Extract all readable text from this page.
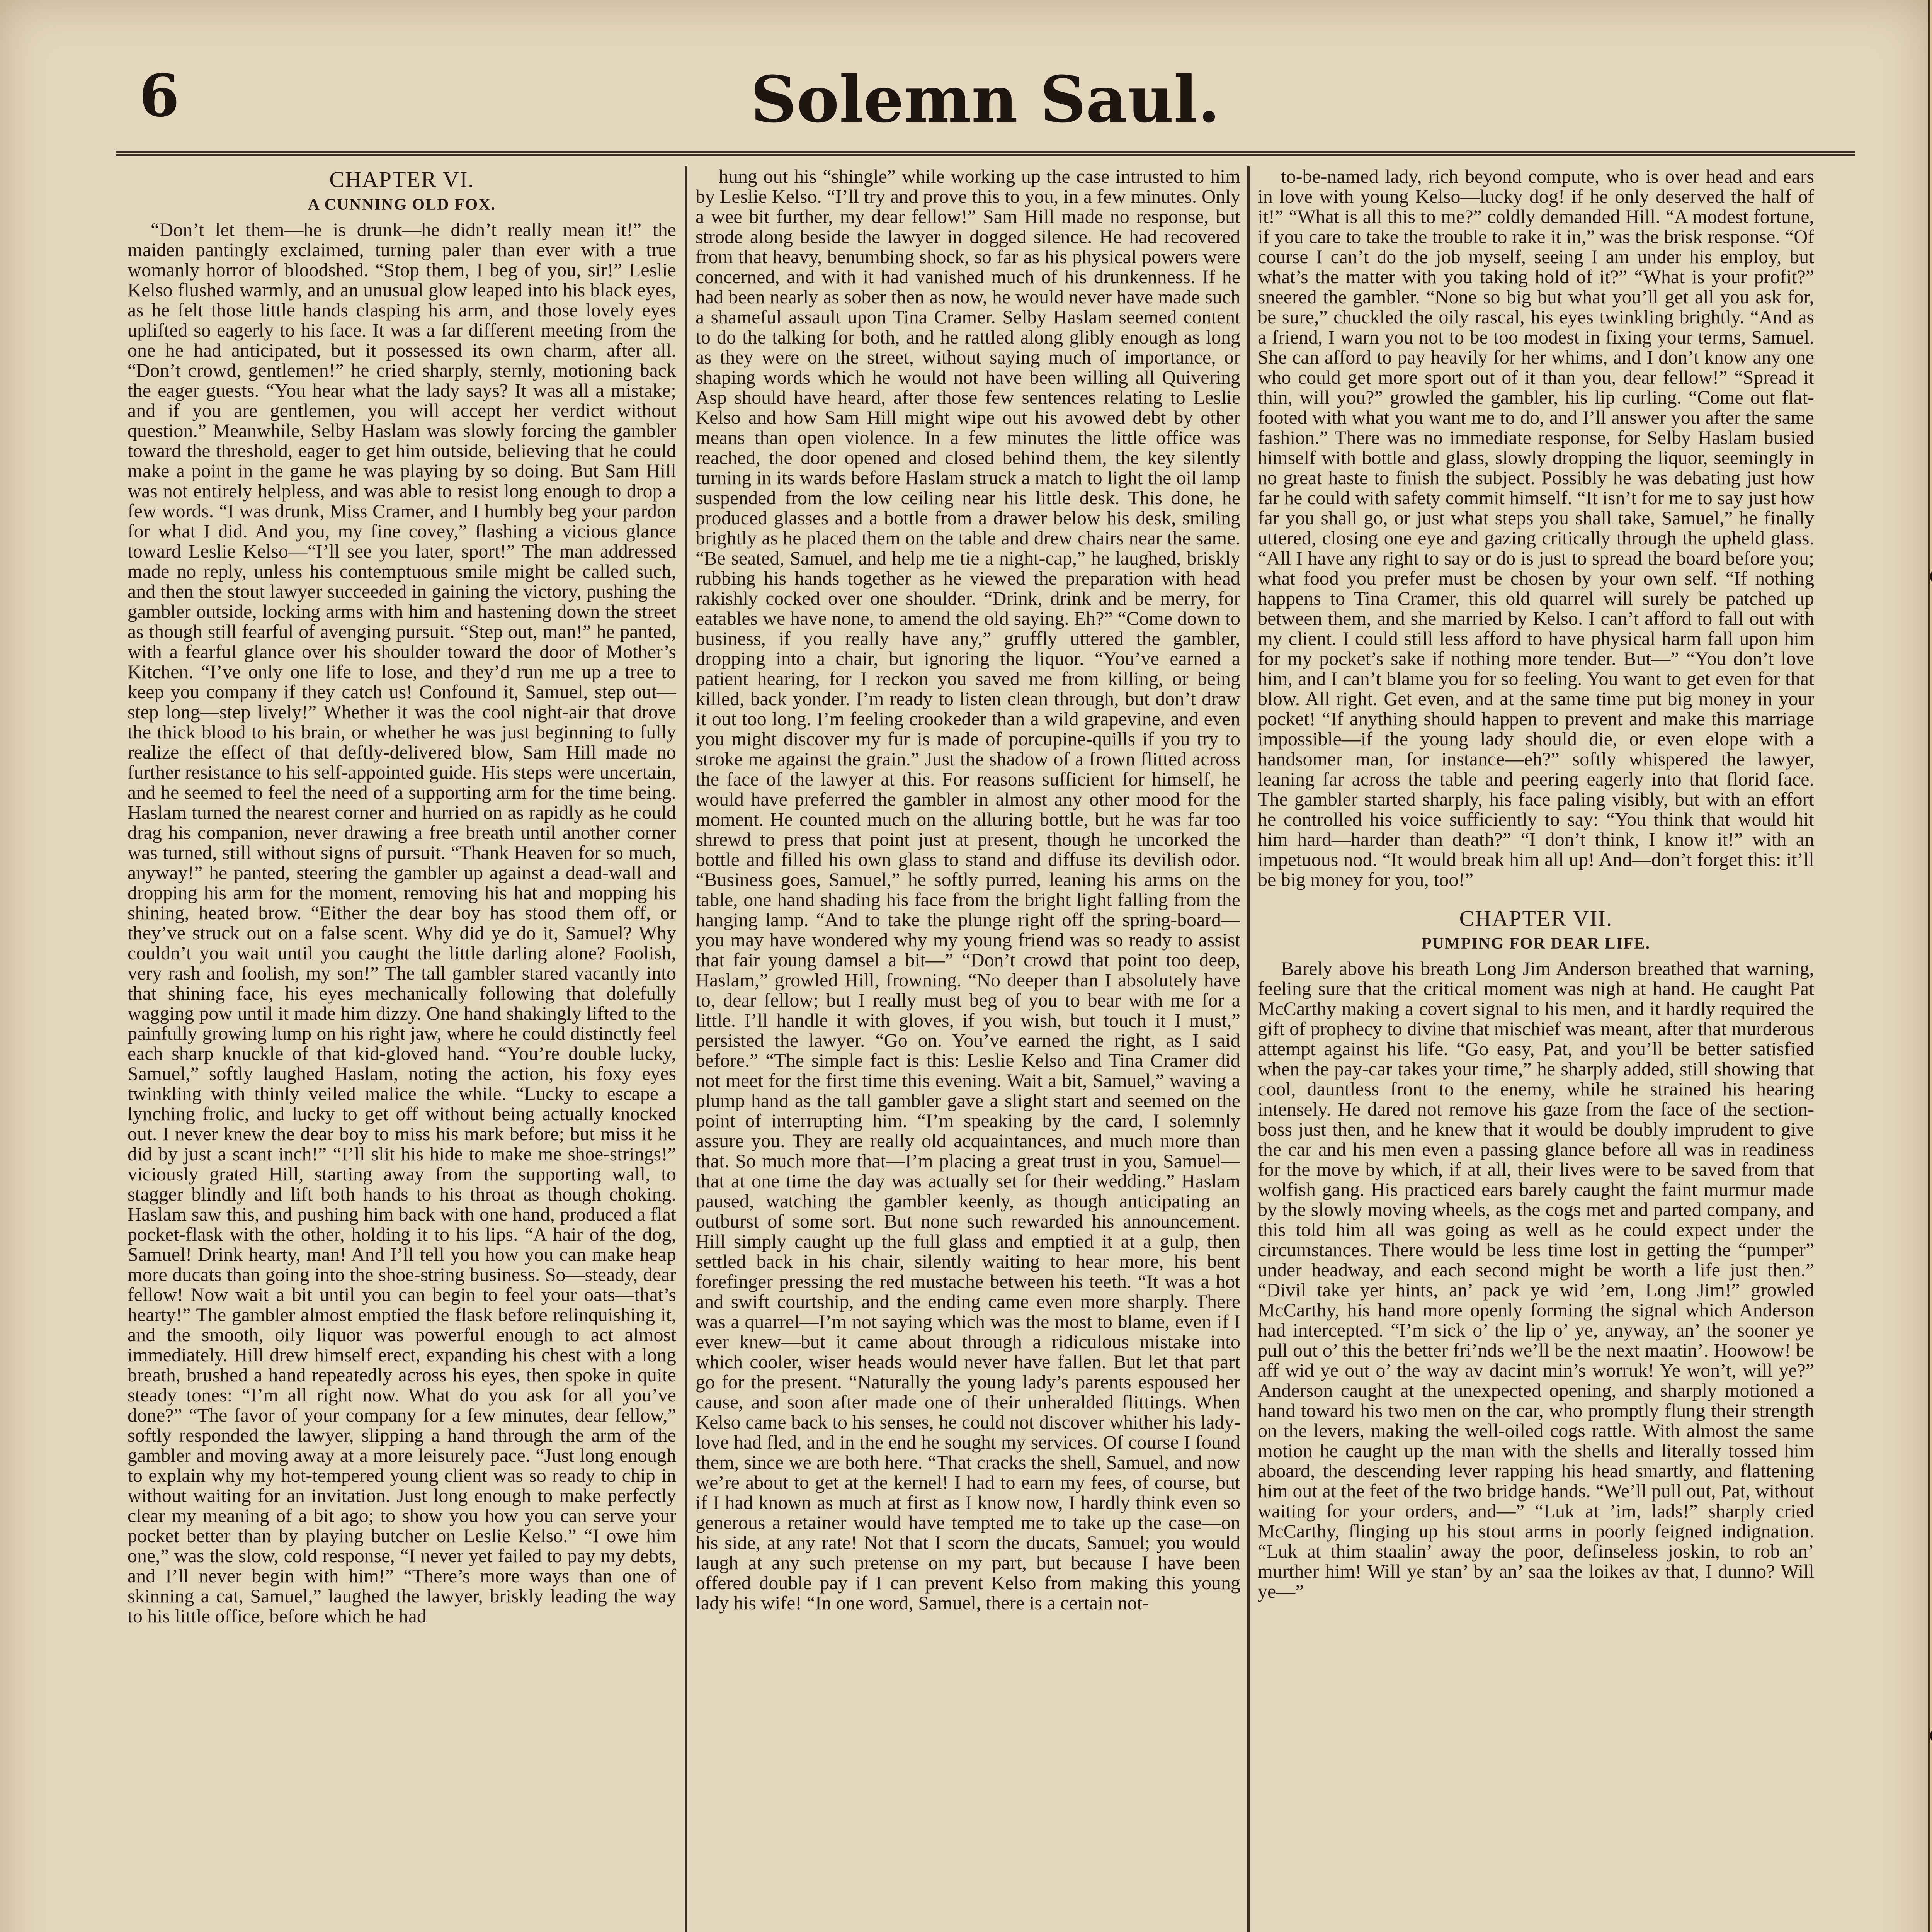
6	Solemn Saul.
CHAPTER VI.
A CUNNING OLD FOX.

“Don’t let them—he is drunk—he didn’t really mean it!” the maiden pantingly exclaimed, turning paler than ever with a true womanly horror of bloodshed. “Stop them, I beg of you, sir!” Leslie Kelso flushed warmly, and an unusual glow leaped into his black eyes, as he felt those little hands clasping his arm, and those lovely eyes uplifted so eagerly to his face. It was a far different meeting from the one he had anticipated, but it possessed its own charm, after all. “Don’t crowd, gentlemen!” he cried sharply, sternly, motioning back the eager guests. “You hear what the lady says? It was all a mistake; and if you are gentlemen, you will accept her verdict without question.” Meanwhile, Selby Haslam was slowly forcing the gambler toward the threshold, eager to get him outside, believing that he could make a point in the game he was playing by so doing. But Sam Hill was not entirely helpless, and was able to resist long enough to drop a few words. “I was drunk, Miss Cramer, and I humbly beg your pardon for what I did. And you, my fine covey,” flashing a vicious glance toward Leslie Kelso—“I’ll see you later, sport!” The man addressed made no reply, unless his contemptuous smile might be called such, and then the stout lawyer succeeded in gaining the victory, pushing the gambler outside, locking arms with him and hastening down the street as though still fearful of avenging pursuit. “Step out, man!” he panted, with a fearful glance over his shoulder toward the door of Mother’s Kitchen. “I’ve only one life to lose, and they’d run me up a tree to keep you company if they catch us! Confound it, Samuel, step out—step long—step lively!” Whether it was the cool night-air that drove the thick blood to his brain, or whether he was just beginning to fully realize the effect of that deftly-delivered blow, Sam Hill made no further resistance to his self-appointed guide. His steps were uncertain, and he seemed to feel the need of a supporting arm for the time being. Haslam turned the nearest corner and hurried on as rapidly as he could drag his companion, never drawing a free breath until another corner was turned, still without signs of pursuit. “Thank Heaven for so much, anyway!” he panted, steering the gambler up against a dead-wall and dropping his arm for the moment, removing his hat and mopping his shining, heated brow. “Either the dear boy has stood them off, or they’ve struck out on a false scent. Why did ye do it, Samuel? Why couldn’t you wait until you caught the little darling alone? Foolish, very rash and foolish, my son!” The tall gambler stared vacantly into that shining face, his eyes mechanically following that dolefully wagging pow until it made him dizzy. One hand shakingly lifted to the painfully growing lump on his right jaw, where he could distinctly feel each sharp knuckle of that kid-gloved hand. “You’re double lucky, Samuel,” softly laughed Haslam, noting the action, his foxy eyes twinkling with thinly veiled malice the while. “Lucky to escape a lynching frolic, and lucky to get off without being actually knocked out. I never knew the dear boy to miss his mark before; but miss it he did by just a scant inch!” “I’ll slit his hide to make me shoe-strings!” viciously grated Hill, starting away from the supporting wall, to stagger blindly and lift both hands to his throat as though choking. Haslam saw this, and pushing him back with one hand, produced a flat pocket-flask with the other, holding it to his lips. “A hair of the dog, Samuel! Drink hearty, man! And I’ll tell you how you can make heap more ducats than going into the shoe-string business. So—steady, dear fellow! Now wait a bit until you can begin to feel your oats—that’s hearty!” The gambler almost emptied the flask before relinquishing it, and the smooth, oily liquor was powerful enough to act almost immediately. Hill drew himself erect, expanding his chest with a long breath, brushed a hand repeatedly across his eyes, then spoke in quite steady tones: “I’m all right now. What do you ask for all you’ve done?” “The favor of your company for a few minutes, dear fellow,” softly responded the lawyer, slipping a hand through the arm of the gambler and moving away at a more leisurely pace. “Just long enough to explain why my hot-tempered young client was so ready to chip in without waiting for an invitation. Just long enough to make perfectly clear my meaning of a bit ago; to show you how you can serve your pocket better than by playing butcher on Leslie Kelso.” “I owe him one,” was the slow, cold response, “I never yet failed to pay my debts, and I’ll never begin with him!” “There’s more ways than one of skinning a cat, Samuel,” laughed the lawyer, briskly leading the way to his little office, before which he had

hung out his “shingle” while working up the case intrusted to him by Leslie Kelso. “I’ll try and prove this to you, in a few minutes. Only a wee bit further, my dear fellow!” Sam Hill made no response, but strode along beside the lawyer in dogged silence. He had recovered from that heavy, benumbing shock, so far as his physical powers were concerned, and with it had vanished much of his drunkenness. If he had been nearly as sober then as now, he would never have made such a shameful assault upon Tina Cramer. Selby Haslam seemed content to do the talking for both, and he rattled along glibly enough as long as they were on the street, without saying much of importance, or shaping words which he would not have been willing all Quivering Asp should have heard, after those few sentences relating to Leslie Kelso and how Sam Hill might wipe out his avowed debt by other means than open violence. In a few minutes the little office was reached, the door opened and closed behind them, the key silently turning in its wards before Haslam struck a match to light the oil lamp suspended from the low ceiling near his little desk. This done, he produced glasses and a bottle from a drawer below his desk, smiling brightly as he placed them on the table and drew chairs near the same. “Be seated, Samuel, and help me tie a night-cap,” he laughed, briskly rubbing his hands together as he viewed the preparation with head rakishly cocked over one shoulder. “Drink, drink and be merry, for eatables we have none, to amend the old saying. Eh?” “Come down to business, if you really have any,” gruffly uttered the gambler, dropping into a chair, but ignoring the liquor. “You’ve earned a patient hearing, for I reckon you saved me from killing, or being killed, back yonder. I’m ready to listen clean through, but don’t draw it out too long. I’m feeling crookeder than a wild grapevine, and even you might discover my fur is made of porcupine-quills if you try to stroke me against the grain.” Just the shadow of a frown flitted across the face of the lawyer at this. For reasons sufficient for himself, he would have preferred the gambler in almost any other mood for the moment. He counted much on the alluring bottle, but he was far too shrewd to press that point just at present, though he uncorked the bottle and filled his own glass to stand and diffuse its devilish odor. “Business goes, Samuel,” he softly purred, leaning his arms on the table, one hand shading his face from the bright light falling from the hanging lamp. “And to take the plunge right off the spring-board—you may have wondered why my young friend was so ready to assist that fair young damsel a bit—” “Don’t crowd that point too deep, Haslam,” growled Hill, frowning. “No deeper than I absolutely have to, dear fellow; but I really must beg of you to bear with me for a little. I’ll handle it with gloves, if you wish, but touch it I must,” persisted the lawyer. “Go on. You’ve earned the right, as I said before.” “The simple fact is this: Leslie Kelso and Tina Cramer did not meet for the first time this evening. Wait a bit, Samuel,” waving a plump hand as the tall gambler gave a slight start and seemed on the point of interrupting him. “I’m speaking by the card, I solemnly assure you. They are really old acquaintances, and much more than that. So much more that—I’m placing a great trust in you, Samuel—that at one time the day was actually set for their wedding.” Haslam paused, watching the gambler keenly, as though anticipating an outburst of some sort. But none such rewarded his announcement. Hill simply caught up the full glass and emptied it at a gulp, then settled back in his chair, silently waiting to hear more, his bent forefinger pressing the red mustache between his teeth. “It was a hot and swift courtship, and the ending came even more sharply. There was a quarrel—I’m not saying which was the most to blame, even if I ever knew—but it came about through a ridiculous mistake into which cooler, wiser heads would never have fallen. But let that part go for the present. “Naturally the young lady’s parents espoused her cause, and soon after made one of their unheralded flittings. When Kelso came back to his senses, he could not discover whither his lady-love had fled, and in the end he sought my services. Of course I found them, since we are both here. “That cracks the shell, Samuel, and now we’re about to get at the kernel! I had to earn my fees, of course, but if I had known as much at first as I know now, I hardly think even so generous a retainer would have tempted me to take up the case—on his side, at any rate! Not that I scorn the ducats, Samuel; you would laugh at any such pretense on my part, but because I have been offered double pay if I can prevent Kelso from making this young lady his wife! “In one word, Samuel, there is a certain not-

to-be-named lady, rich beyond compute, who is over head and ears in love with young Kelso—lucky dog! if he only deserved the half of it!” “What is all this to me?” coldly demanded Hill. “A modest fortune, if you care to take the trouble to rake it in,” was the brisk response. “Of course I can’t do the job myself, seeing I am under his employ, but what’s the matter with you taking hold of it?” “What is your profit?” sneered the gambler. “None so big but what you’ll get all you ask for, be sure,” chuckled the oily rascal, his eyes twinkling brightly. “And as a friend, I warn you not to be too modest in fixing your terms, Samuel. She can afford to pay heavily for her whims, and I don’t know any one who could get more sport out of it than you, dear fellow!” “Spread it thin, will you?” growled the gambler, his lip curling. “Come out flat-footed with what you want me to do, and I’ll answer you after the same fashion.” There was no immediate response, for Selby Haslam busied himself with bottle and glass, slowly dropping the liquor, seemingly in no great haste to finish the subject. Possibly he was debating just how far he could with safety commit himself. “It isn’t for me to say just how far you shall go, or just what steps you shall take, Samuel,” he finally uttered, closing one eye and gazing critically through the upheld glass. “All I have any right to say or do is just to spread the board before you; what food you prefer must be chosen by your own self. “If nothing happens to Tina Cramer, this old quarrel will surely be patched up between them, and she married by Kelso. I can’t afford to fall out with my client. I could still less afford to have physical harm fall upon him for my pocket’s sake if nothing more tender. But—” “You don’t love him, and I can’t blame you for so feeling. You want to get even for that blow. All right. Get even, and at the same time put big money in your pocket! “If anything should happen to prevent and make this marriage impossible—if the young lady should die, or even elope with a handsomer man, for instance—eh?” softly whispered the lawyer, leaning far across the table and peering eagerly into that florid face. The gambler started sharply, his face paling visibly, but with an effort he controlled his voice sufficiently to say: “You think that would hit him hard—harder than death?” “I don’t think, I know it!” with an impetuous nod. “It would break him all up! And—don’t forget this: it’ll be big money for you, too!”

CHAPTER VII.
PUMPING FOR DEAR LIFE.

Barely above his breath Long Jim Anderson breathed that warning, feeling sure that the critical moment was nigh at hand. He caught Pat McCarthy making a covert signal to his men, and it hardly required the gift of prophecy to divine that mischief was meant, after that murderous attempt against his life. “Go easy, Pat, and you’ll be better satisfied when the pay-car takes your time,” he sharply added, still showing that cool, dauntless front to the enemy, while he strained his hearing intensely. He dared not remove his gaze from the face of the section-boss just then, and he knew that it would be doubly imprudent to give the car and his men even a passing glance before all was in readiness for the move by which, if at all, their lives were to be saved from that wolfish gang. His practiced ears barely caught the faint murmur made by the slowly moving wheels, as the cogs met and parted company, and this told him all was going as well as he could expect under the circumstances. There would be less time lost in getting the “pumper” under headway, and each second might be worth a life just then.” “Divil take yer hints, an’ pack ye wid ’em, Long Jim!” growled McCarthy, his hand more openly forming the signal which Anderson had intercepted. “I’m sick o’ the lip o’ ye, anyway, an’ the sooner ye pull out o’ this the better fri’nds we’ll be the next maatin’. Hoowow! be aff wid ye out o’ the way av dacint min’s worruk! Ye won’t, will ye?” Anderson caught at the unexpected opening, and sharply motioned a hand toward his two men on the car, who promptly flung their strength on the levers, making the well-oiled cogs rattle. With almost the same motion he caught up the man with the shells and literally tossed him aboard, the descending lever rapping his head smartly, and flattening him out at the feet of the two bridge hands. “We’ll pull out, Pat, without waiting for your orders, and—” “Luk at ’im, lads!” sharply cried McCarthy, flinging up his stout arms in poorly feigned indignation. “Luk at thim staalin’ away the poor, definseless joskin, to rob an’ murther him! Will ye stan’ by an’ saa the loikes av that, I dunno? Will ye—”
